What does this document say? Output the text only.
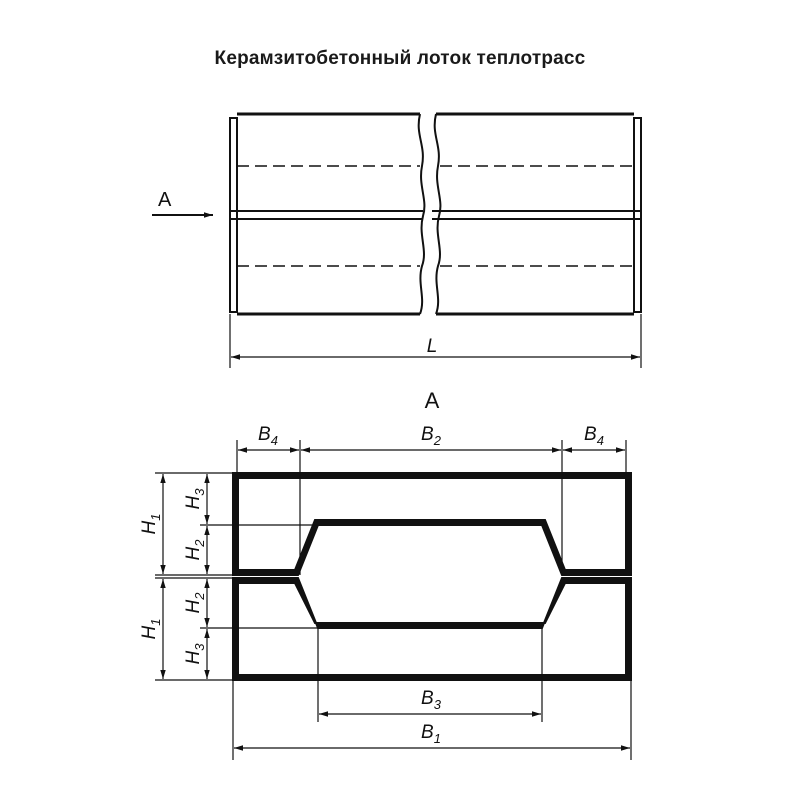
Керамзитобетонный лоток теплотрасс
A
L
A
$B_4$	$B_2$	$B_4$
$B_3$
$B_1$
$H_1$
$H_3$
$H_2$
$H_1$
$H_2$
$H_3$
